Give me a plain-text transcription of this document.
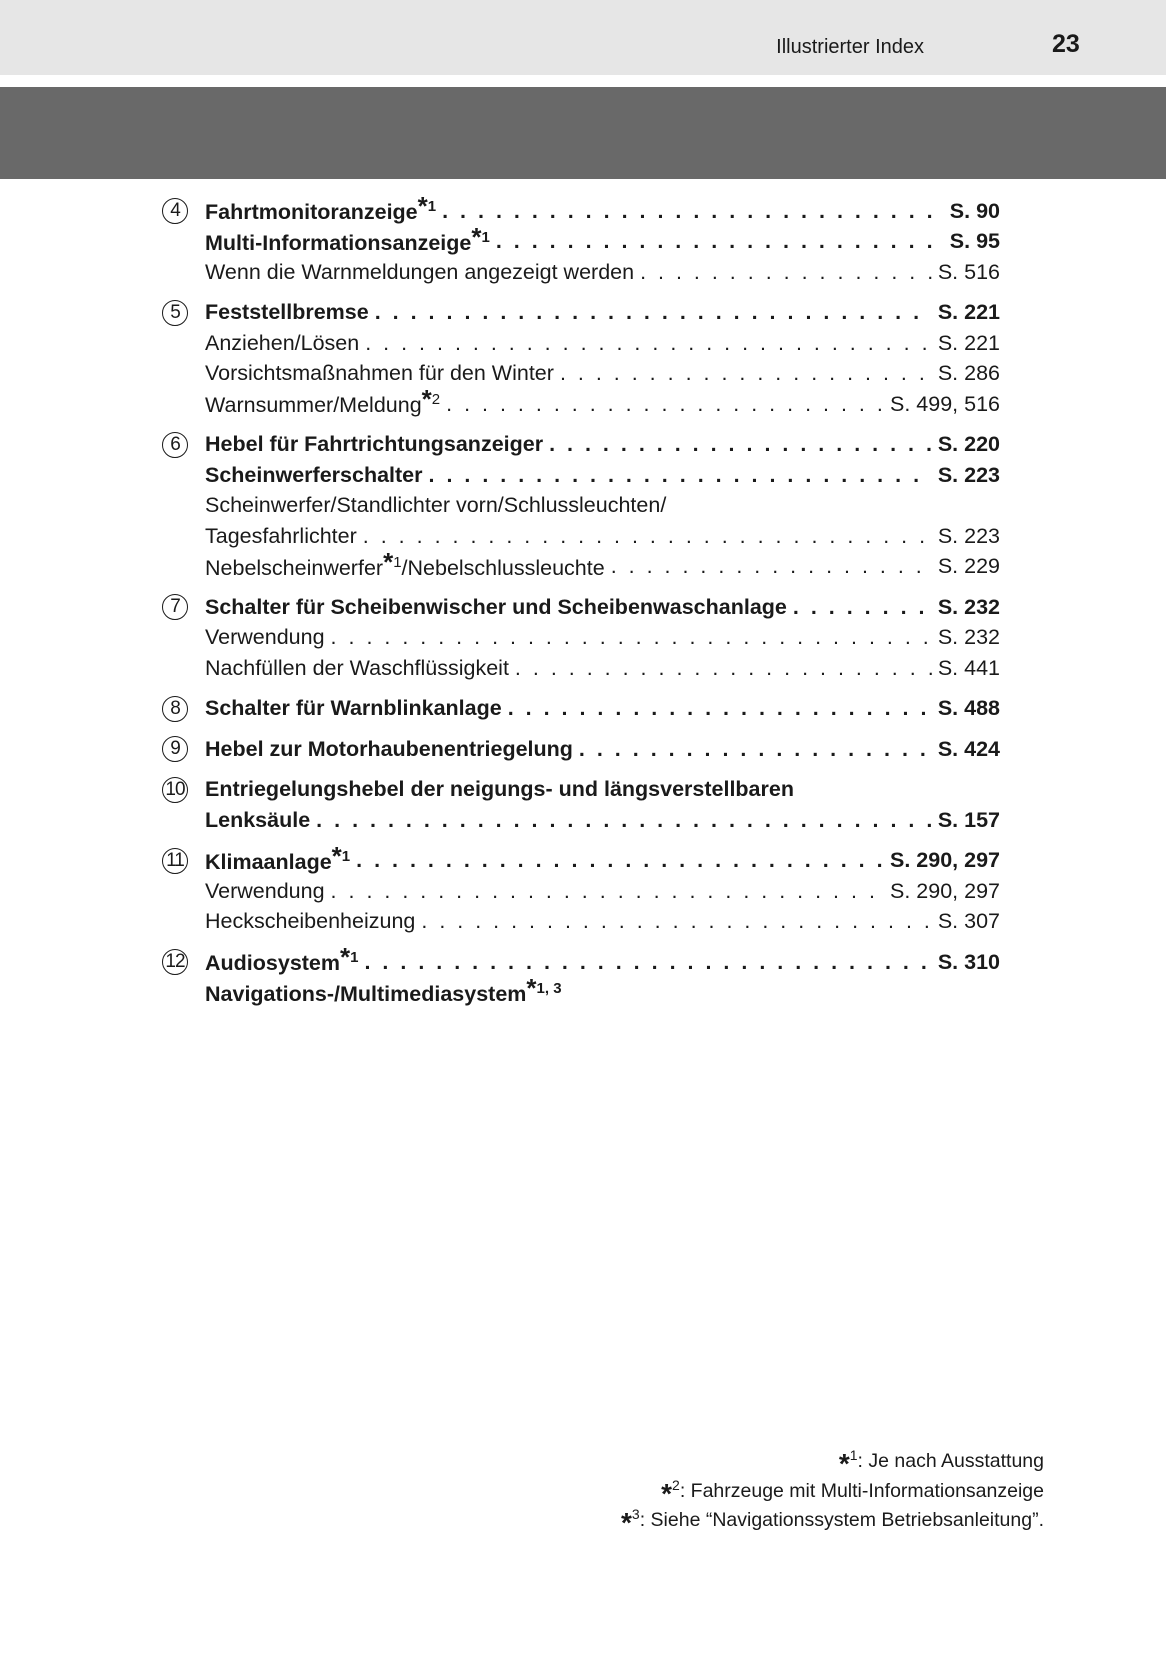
Illustrierter Index	23
4	Fahrtmonitoranzeige$^{*1}$ . . .	S. 90
Multi-Informationsanzeige$^{*1}$ . . .	S. 95
Wenn die Warnmeldungen angezeigt werden . . .	S. 516
5	Feststellbremse . . .	S. 221
Anziehen/Lösen . . .	S. 221
Vorsichtsmaßnahmen für den Winter . . .	S. 286
Warnsummer/Meldung$^{*2}$ . . .	S. 499, 516
6	Hebel für Fahrtrichtungsanzeiger . . .	S. 220
Scheinwerferschalter . . .	S. 223
Scheinwerfer/Standlichter vorn/Schlussleuchten/
Tagesfahrlichter . . .	S. 223
Nebelscheinwerfer$^{*1}$/Nebelschlussleuchte . . .	S. 229
7	Schalter für Scheibenwischer und Scheibenwaschanlage . . .	S. 232
Verwendung . . .	S. 232
Nachfüllen der Waschflüssigkeit . . .	S. 441
8	Schalter für Warnblinkanlage . . .	S. 488
9	Hebel zur Motorhaubenentriegelung . . .	S. 424
10 Entriegelungshebel der neigungs- und längsverstellbaren
Lenksäule . . .	S. 157
11 Klimaanlage$^{*1}$ . . .	S. 290, 297
Verwendung . . .	S. 290, 297
Heckscheibenheizung . . .	S. 307
12 Audiosystem$^{*1}$ . . .	S. 310
Navigations-/Multimediasystem$^{*1, 3}$
*$^1$: Je nach Ausstattung
*$^2$: Fahrzeuge mit Multi-Informationsanzeige
*$^3$: Siehe “Navigationssystem Betriebsanleitung”.
